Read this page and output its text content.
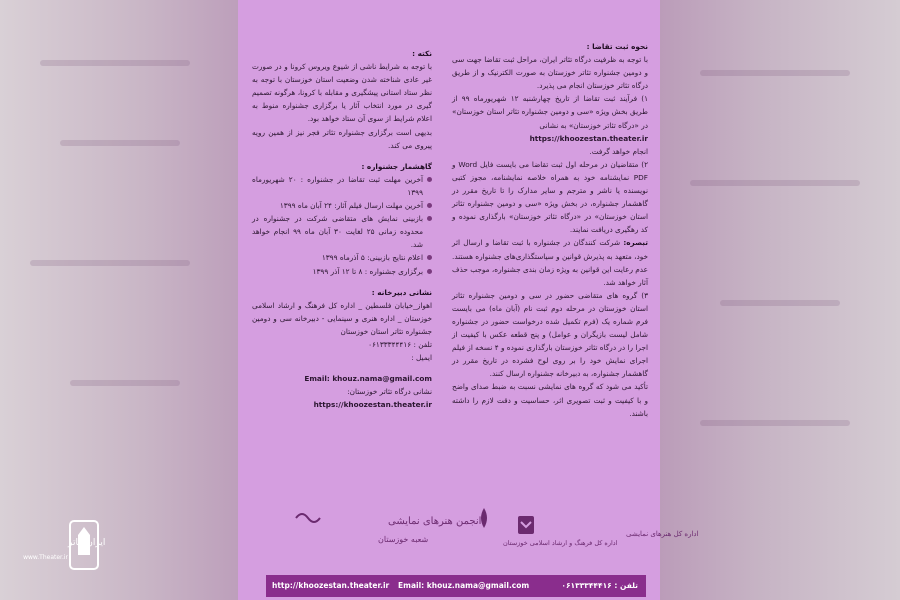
نحوه ثبت تقاضا :

با توجه به ظرفیت درگاه تئاتر ایران، مراحل ثبت تقاضا جهت سی و دومین جشنواره تئاتر خوزستان به صورت الکترنیک و از طریق درگاه تئاتر خوزستان انجام می پذیرد.

۱) فرآیند ثبت تقاضا از تاریخ چهارشنبه ۱۲ شهریورماه ۹۹ از طریق بخش ویژه «سی و دومین جشنواره تئاتر استان خوزستان» در «درگاه تئاتر خوزستان» به نشانی

https://khoozestan.theater.ir

انجام خواهد گرفت.

۲) متقاضیان در مرحله اول ثبت تقاضا می بایست فایل Word و PDF نمایشنامه خود به همراه خلاصه نمایشنامه، مجوز کتبی نویسنده یا ناشر و مترجم و سایر مدارک را تا تاریخ مقرر در گاهشمار جشنواره، در بخش ویژه «سی و دومین جشنواره تئاتر استان خوزستان» در «درگاه تئاتر خوزستان» بارگذاری نموده و کد رهگیری دریافت نمایند.

تبصره: شرکت کنندگان در جشنواره با ثبت تقاضا و ارسال اثر خود، متعهد به پذیرش قوانین و سیاستگذاری‌های جشنواره هستند. عدم رعایت این قوانین به ویژه زمان بندی جشنواره، موجب حذف آثار خواهد شد.

۳) گروه های متقاضی حضور در سی و دومین جشنواره تئاتر استان خوزستان در مرحله دوم ثبت نام (آبان ماه) می بایست فرم شماره یک (فرم تکمیل شده درخواست حضور در جشنواره شامل لیست بازیگران و عوامل) و پنج قطعه عکس با کیفیت از اجرا را در درگاه تئاتر خوزستان بارگذاری نموده و ۴ نسخه از فیلم اجرای نمایش خود را بر روی لوح فشرده در تاریخ مقرر در گاهشمار جشنواره، به دبیرخانه جشنواره ارسال کنند.

تأکید می شود که گروه های نمایشی نسبت به ضبط صدای واضح و با کیفیت و ثبت تصویری اثر، حساسیت و دقت لازم را داشته باشند.

نکته :

با توجه به شرایط ناشی از شیوع ویروس کرونا و در صورت غیر عادی شناخته شدن وضعیت استان خوزستان با توجه به نظر ستاد استانی پیشگیری و مقابله با کرونا، هرگونه تصمیم گیری در مورد انتخاب آثار یا برگزاری جشنواره منوط به اعلام شرایط از سوی آن ستاد خواهد بود.

بدیهی است برگزاری جشنواره تئاتر فجر نیز از همین رویه پیروی می کند.

گاهشمار جشنواره :

آخرین مهلت ثبت تقاضا در جشنواره : ۲۰ شهریورماه ۱۳۹۹

آخرین مهلت ارسال فیلم آثار: ۲۴ آبان ماه ۱۳۹۹

بازبینی نمایش های متقاضی شرکت در جشنواره در محدوده زمانی ۲۵ لغایت ۳۰ آبان ماه ۹۹ انجام خواهد شد.

اعلام نتایج بازبینی: ۵ آذرماه ۱۳۹۹

برگزاری جشنواره : ۸ تا ۱۲ آذر ۱۳۹۹

نشانی دبیرخانه :

اهواز_خیابان فلسطین _ اداره کل فرهنگ و ارشاد اسلامی خوزستان _ اداره هنری و سینمایی - دبیرخانه سی و دومین جشنواره تئاتر استان خوزستان

تلفن : ۰۶۱۳۳۳۴۴۴۱۶

ایمیل :

Email: khouz.nama@gmail.com

نشانی درگاه تئاتر خوزستان:

https://khoozestan.theater.ir
انجمن هنرهای نمایشی
شعبه خوزستان	اداره کل فرهنگ و ارشاد اسلامی خوزستان
اداره کل هنرهای نمایشی
http://khoozestan.theater.ir Email: khouz.nama@gmail.com	تلفن : ۰۶۱۳۳۳۴۴۴۱۶
ایران تئاتر
www.Theater.ir
